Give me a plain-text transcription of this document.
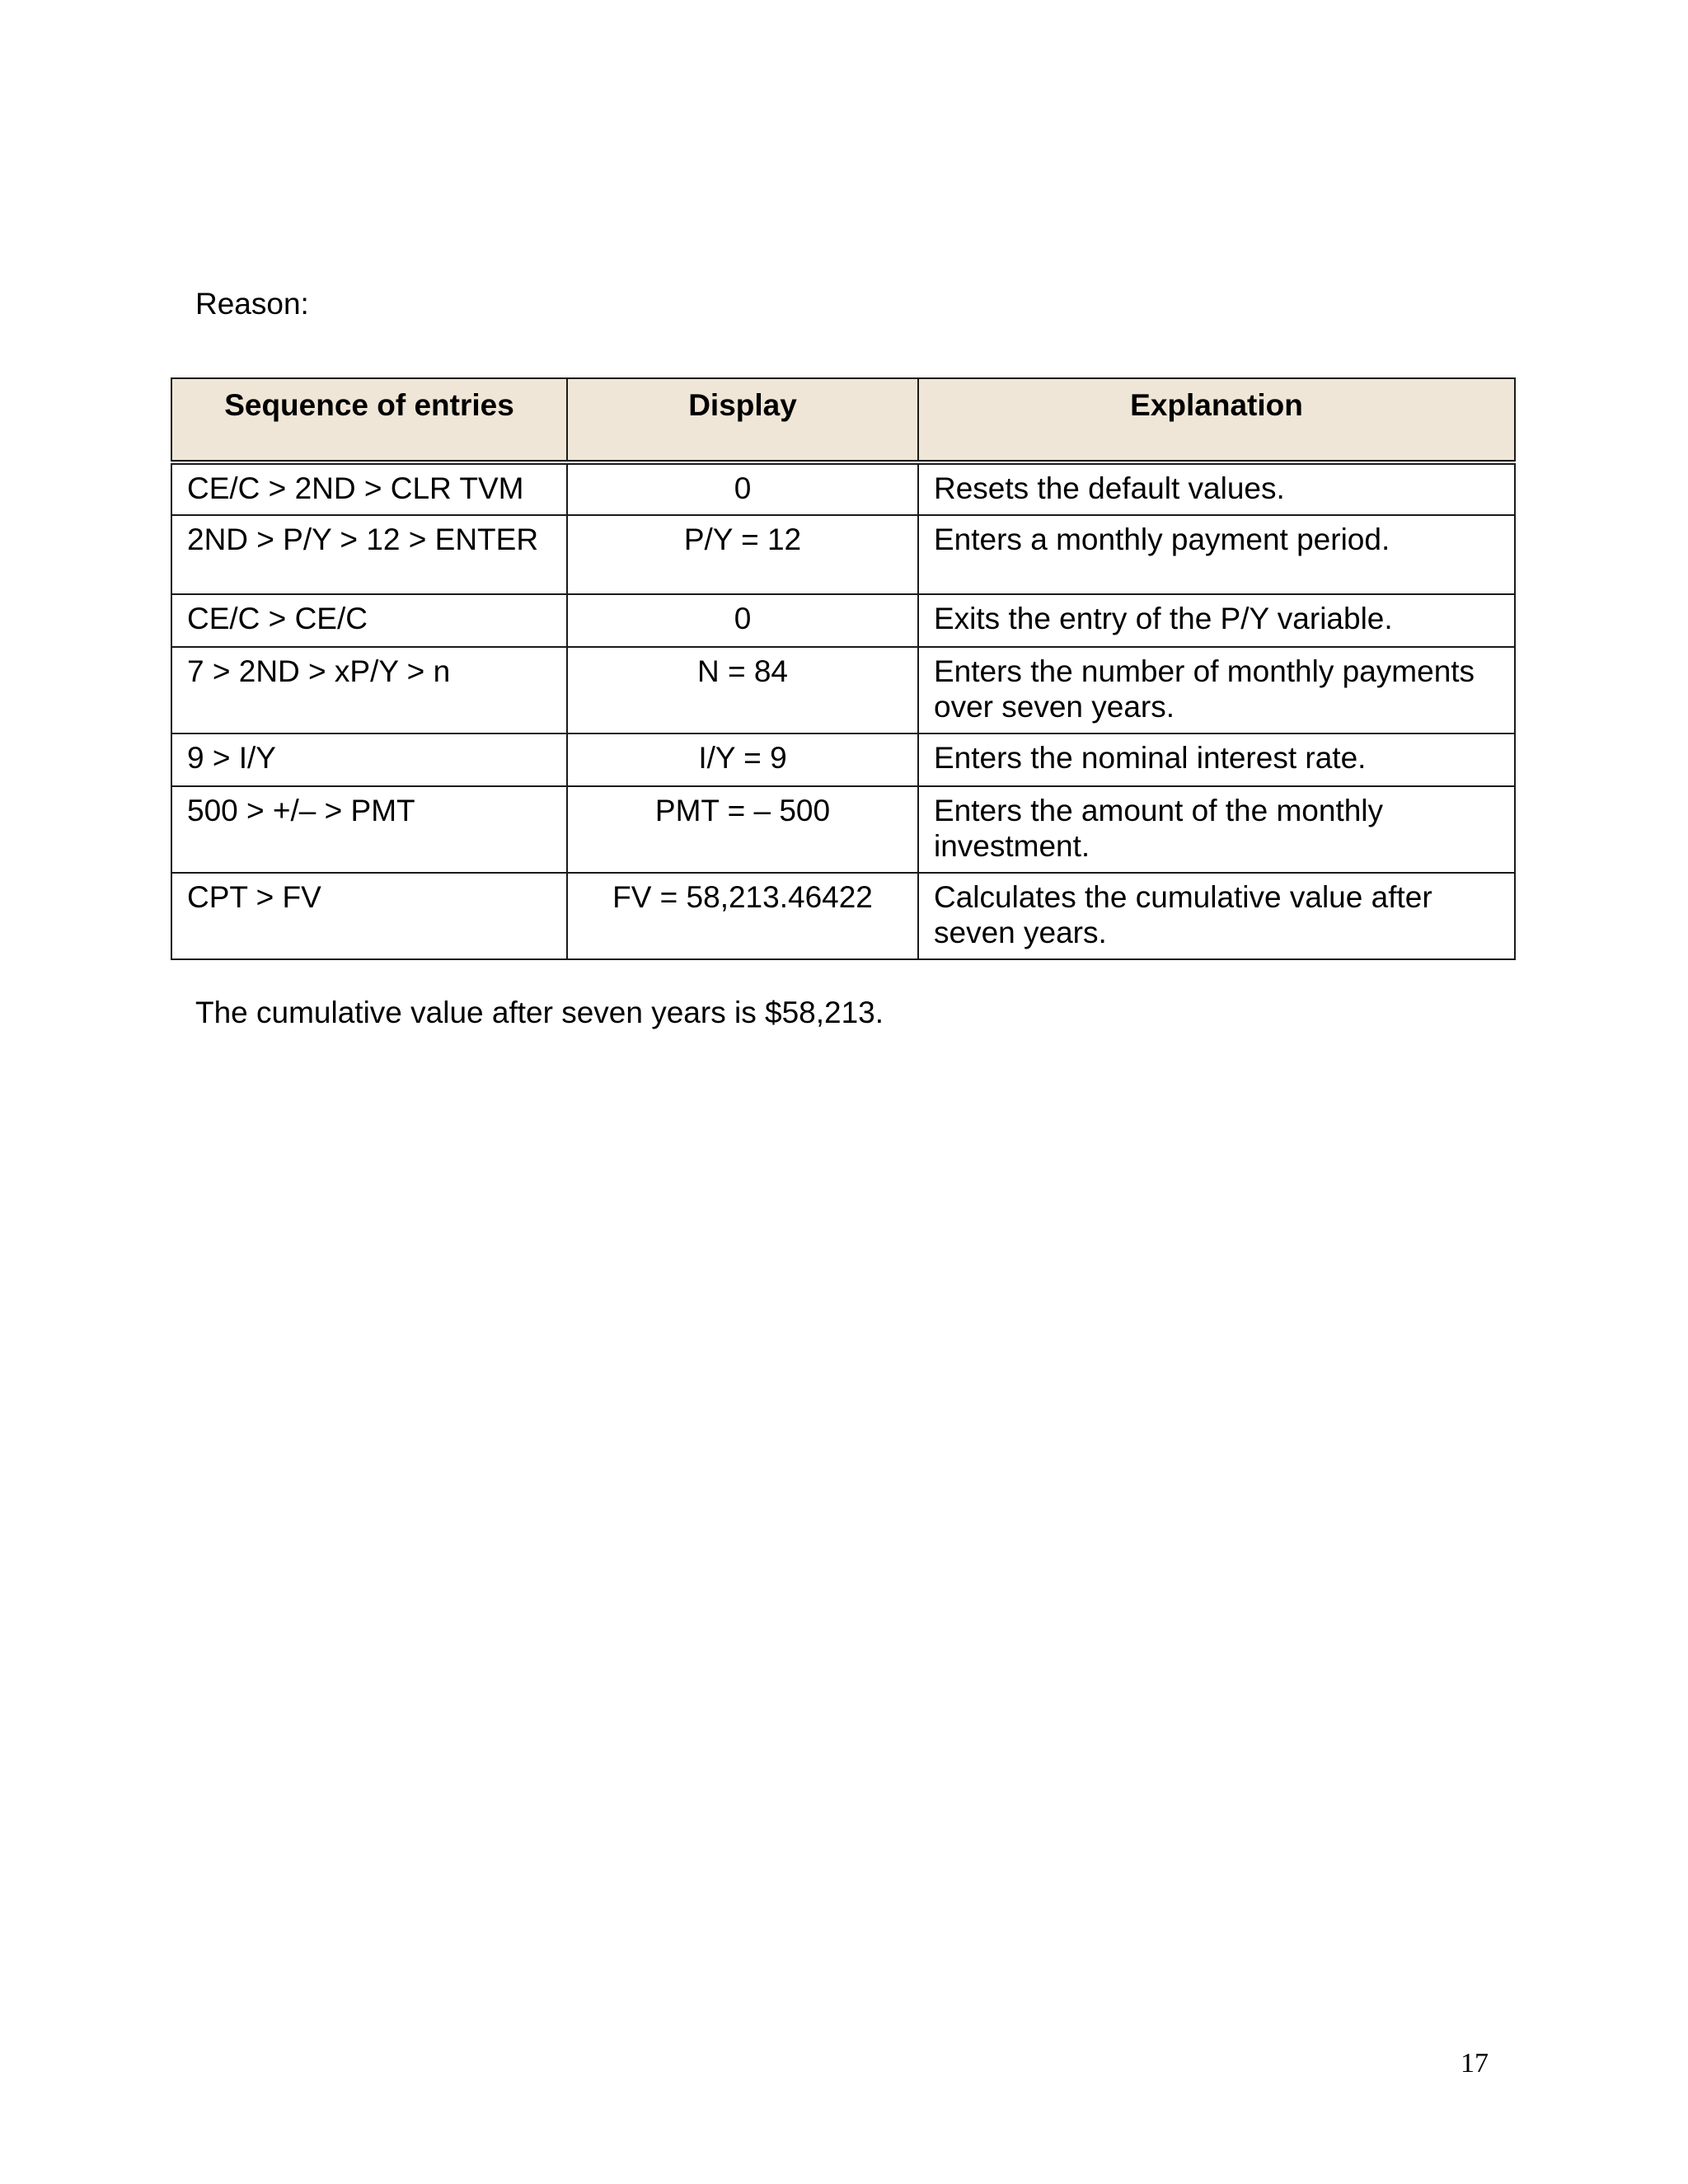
Reason:

Sequence of entries	Display	Explanation
CE/C > 2ND > CLR TVM	0	Resets the default values.
2ND > P/Y > 12 > ENTER	P/Y = 12	Enters a monthly payment period.
CE/C > CE/C	0	Exits the entry of the P/Y variable.
7 > 2ND > xP/Y > n	N = 84	Enters the number of monthly payments over seven years.
9 > I/Y	I/Y = 9	Enters the nominal interest rate.
500 > +/– > PMT	PMT = – 500	Enters the amount of the monthly investment.
CPT > FV	FV = 58,213.46422	Calculates the cumulative value after seven years.

The cumulative value after seven years is $58,213.

17
